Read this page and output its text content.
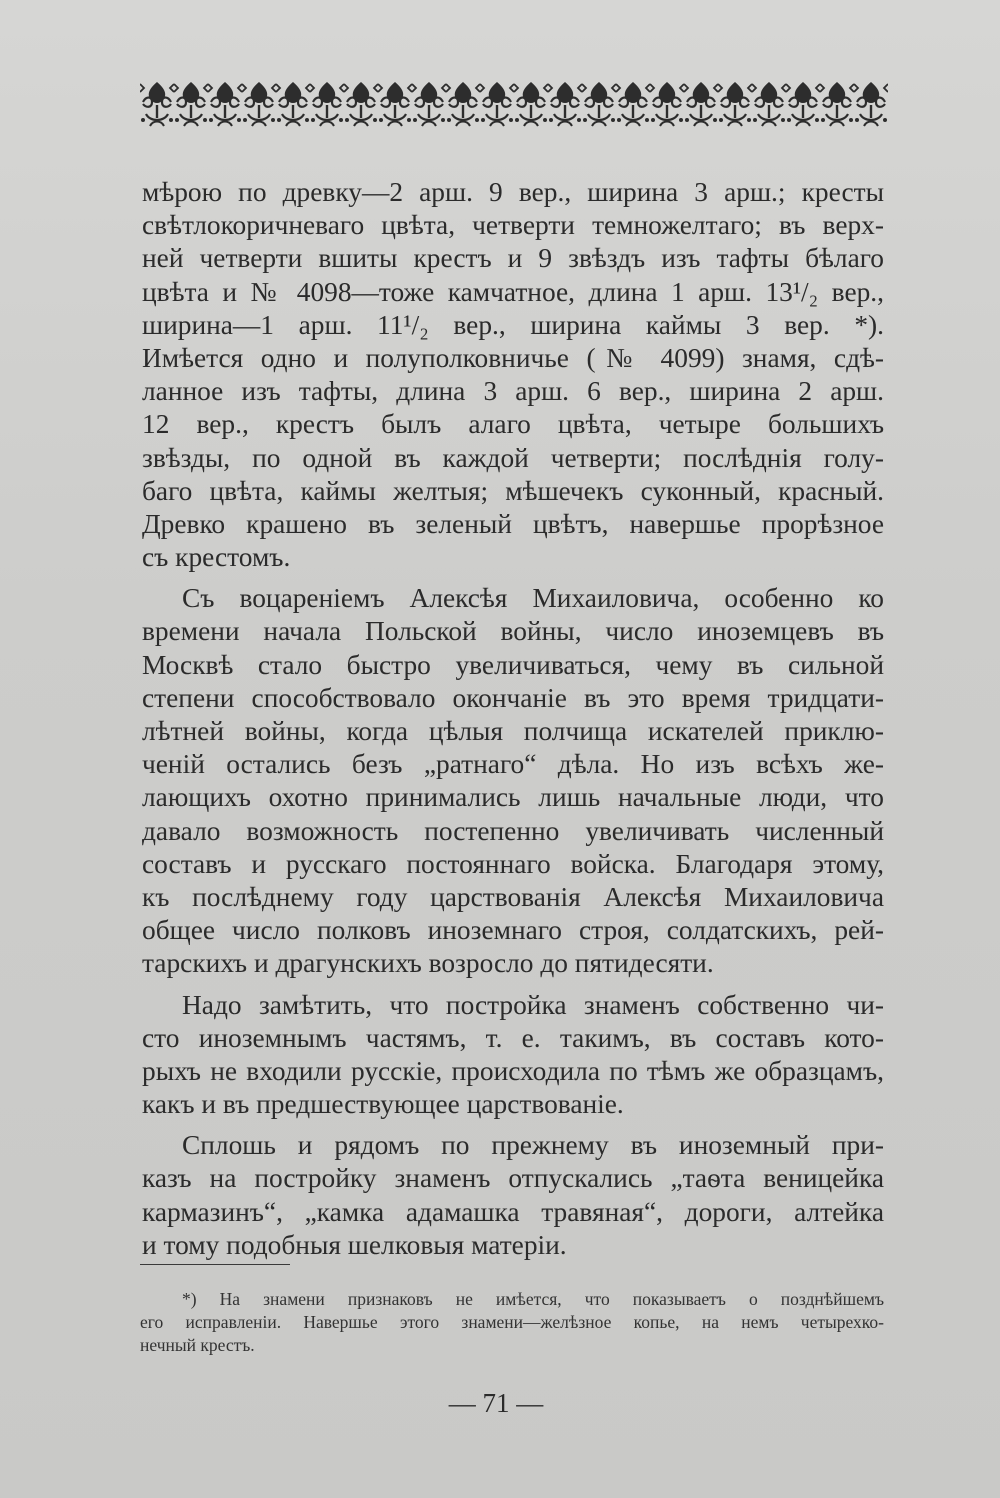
мѣрою по древку—2 арш. 9 вер., ширина 3 арш.; кресты
свѣтлокоричневаго цвѣта, четверти темножелтаго; въ верх-
ней четверти вшиты крестъ и 9 звѣздъ изъ тафты бѣлаго
цвѣта и № 4098—тоже камчатное, длина 1 арш. 13¹/₂ вер.,
ширина—1 арш. 11¹/₂ вер., ширина каймы 3 вер. *).
Имѣется одно и полуполковничье (№ 4099) знамя, сдѣ-
ланное изъ тафты, длина 3 арш. 6 вер., ширина 2 арш.
12 вер., крестъ былъ алаго цвѣта, четыре большихъ
звѣзды, по одной въ каждой четверти; послѣднія голу-
баго цвѣта, каймы желтыя; мѣшечекъ суконный, красный.
Древко крашено въ зеленый цвѣтъ, навершье прорѣзное
съ крестомъ.
Съ воцареніемъ Алексѣя Михаиловича, особенно ко
времени начала Польской войны, число иноземцевъ въ
Москвѣ стало быстро увеличиваться, чему въ сильной
степени способствовало окончаніе въ это время тридцати-
лѣтней войны, когда цѣлыя полчища искателей приклю-
ченій остались безъ „ратнаго“ дѣла. Но изъ всѣхъ же-
лающихъ охотно принимались лишь начальные люди, что
давало возможность постепенно увеличивать численный
составъ и русскаго постояннаго войска. Благодаря этому,
къ послѣднему году царствованія Алексѣя Михаиловича
общее число полковъ иноземнаго строя, солдатскихъ, рей-
тарскихъ и драгунскихъ возросло до пятидесяти.
Надо замѣтить, что постройка знаменъ собственно чи-
сто иноземнымъ частямъ, т. е. такимъ, въ составъ кото-
рыхъ не входили русскіе, происходила по тѣмъ же образцамъ,
какъ и въ предшествующее царствованіе.
Сплошь и рядомъ по прежнему въ иноземный при-
казъ на постройку знаменъ отпускались „таѳта веницейка
кармазинъ“, „камка адамашка травяная“, дороги, алтейка
и тому подобныя шелковыя матеріи.
*) На знамени признаковъ не имѣется, что показываетъ о позднѣйшемъ
его исправленіи. Навершье этого знамени—желѣзное копье, на немъ четырехко-
нечный крестъ.
— 71 —
